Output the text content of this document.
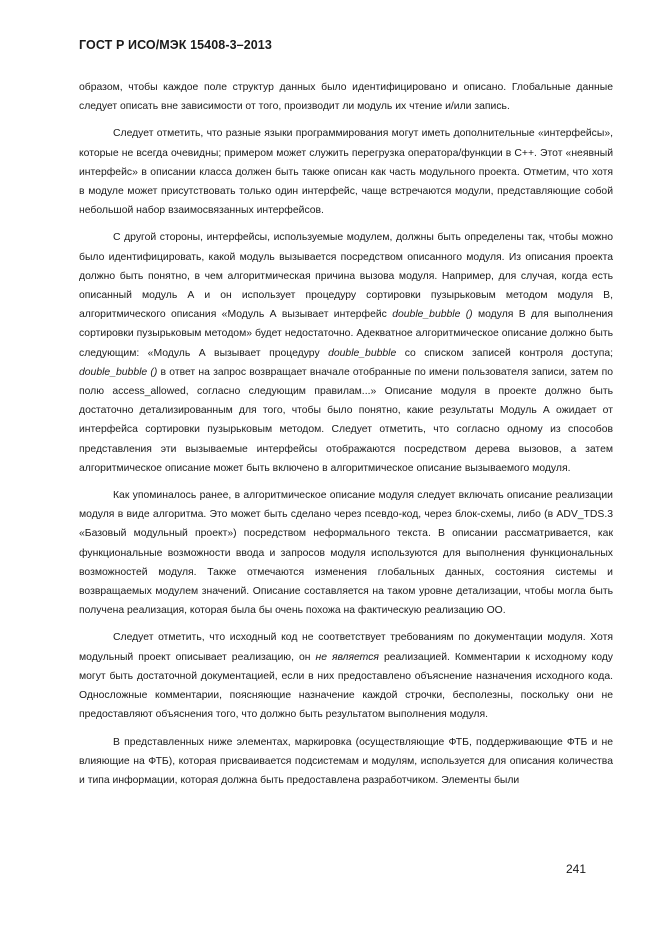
ГОСТ Р ИСО/МЭК 15408-3–2013

образом, чтобы каждое поле структур данных было идентифицировано и описано. Глобальные данные следует описать вне зависимости от того, производит ли модуль их чтение и/или запись.

Следует отметить, что разные языки программирования могут иметь дополнительные «интерфейсы», которые не всегда очевидны; примером может служить перегрузка оператора/функции в С++. Этот «неявный интерфейс» в описании класса должен быть также описан как часть модульного проекта. Отметим, что хотя в модуле может присутствовать только один интерфейс, чаще встречаются модули, представляющие собой небольшой набор взаимосвязанных интерфейсов.

С другой стороны, интерфейсы, используемые модулем, должны быть определены так, чтобы можно было идентифицировать, какой модуль вызывается посредством описанного модуля. Из описания проекта должно быть понятно, в чем алгоритмическая причина вызова модуля. Например, для случая, когда есть описанный модуль А и он использует процедуру сортировки пузырьковым методом модуля В, алгоритмического описания «Модуль А вызывает интерфейс double_bubble () модуля В для выполнения сортировки пузырьковым методом» будет недостаточно. Адекватное алгоритмическое описание должно быть следующим: «Модуль А вызывает процедуру double_bubble со списком записей контроля доступа; double_bubble () в ответ на запрос возвращает вначале отобранные по имени пользователя записи, затем по полю access_allowed, согласно следующим правилам...» Описание модуля в проекте должно быть достаточно детализированным для того, чтобы было понятно, какие результаты Модуль А ожидает от интерфейса сортировки пузырьковым методом. Следует отметить, что согласно одному из способов представления эти вызываемые интерфейсы отображаются посредством дерева вызовов, а затем алгоритмическое описание может быть включено в алгоритмическое описание вызываемого модуля.

Как упоминалось ранее, в алгоритмическое описание модуля следует включать описание реализации модуля в виде алгоритма. Это может быть сделано через псевдо-код, через блок-схемы, либо (в ADV_TDS.3 «Базовый модульный проект») посредством неформального текста. В описании рассматривается, как функциональные возможности ввода и запросов модуля используются для выполнения функциональных возможностей модуля. Также отмечаются изменения глобальных данных, состояния системы и возвращаемых модулем значений. Описание составляется на таком уровне детализации, чтобы могла быть получена реализация, которая была бы очень похожа на фактическую реализацию ОО.

Следует отметить, что исходный код не соответствует требованиям по документации модуля. Хотя модульный проект описывает реализацию, он не является реализацией. Комментарии к исходному коду могут быть достаточной документацией, если в них предоставлено объяснение назначения исходного кода. Односложные комментарии, поясняющие назначение каждой строчки, бесполезны, поскольку они не предоставляют объяснения того, что должно быть результатом выполнения модуля.

В представленных ниже элементах, маркировка (осуществляющие ФТБ, поддерживающие ФТБ и не влияющие на ФТБ), которая присваивается подсистемам и модулям, используется для описания количества и типа информации, которая должна быть предоставлена разработчиком. Элементы были

241
